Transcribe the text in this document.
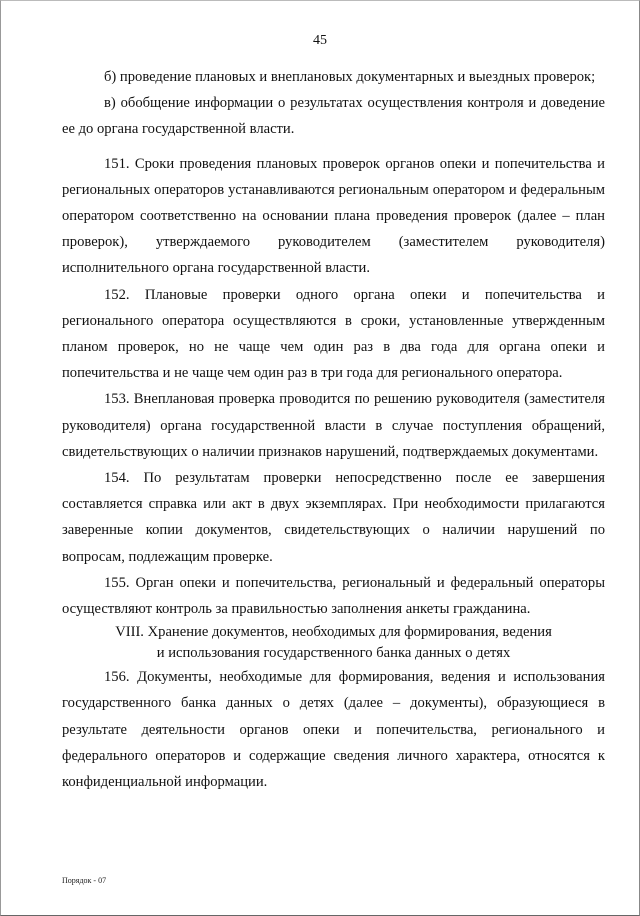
45

б) проведение плановых и внеплановых документарных и выездных проверок;

в) обобщение информации о результатах осуществления контроля и доведение ее до органа государственной власти.

151. Сроки проведения плановых проверок органов опеки и попечительства и региональных операторов устанавливаются региональным оператором и федеральным оператором соответственно на основании плана проведения проверок (далее – план проверок), утверждаемого руководителем (заместителем руководителя) исполнительного органа государственной власти.

152. Плановые проверки одного органа опеки и попечительства и регионального оператора осуществляются в сроки, установленные утвержденным планом проверок, но не чаще чем один раз в два года для органа опеки и попечительства и не чаще чем один раз в три года для регионального оператора.

153. Внеплановая проверка проводится по решению руководителя (заместителя руководителя) органа государственной власти в случае поступления обращений, свидетельствующих о наличии признаков нарушений, подтверждаемых документами.

154. По результатам проверки непосредственно после ее завершения составляется справка или акт в двух экземплярах. При необходимости прилагаются заверенные копии документов, свидетельствующих о наличии нарушений по вопросам, подлежащим проверке.

155. Орган опеки и попечительства, региональный и федеральный операторы осуществляют контроль за правильностью заполнения анкеты гражданина.

VIII. Хранение документов, необходимых для формирования, ведения
и использования государственного банка данных о детях

156. Документы, необходимые для формирования, ведения и использования государственного банка данных о детях (далее – документы), образующиеся в результате деятельности органов опеки и попечительства, регионального и федерального операторов и содержащие сведения личного характера, относятся к конфиденциальной информации.

Порядок - 07
